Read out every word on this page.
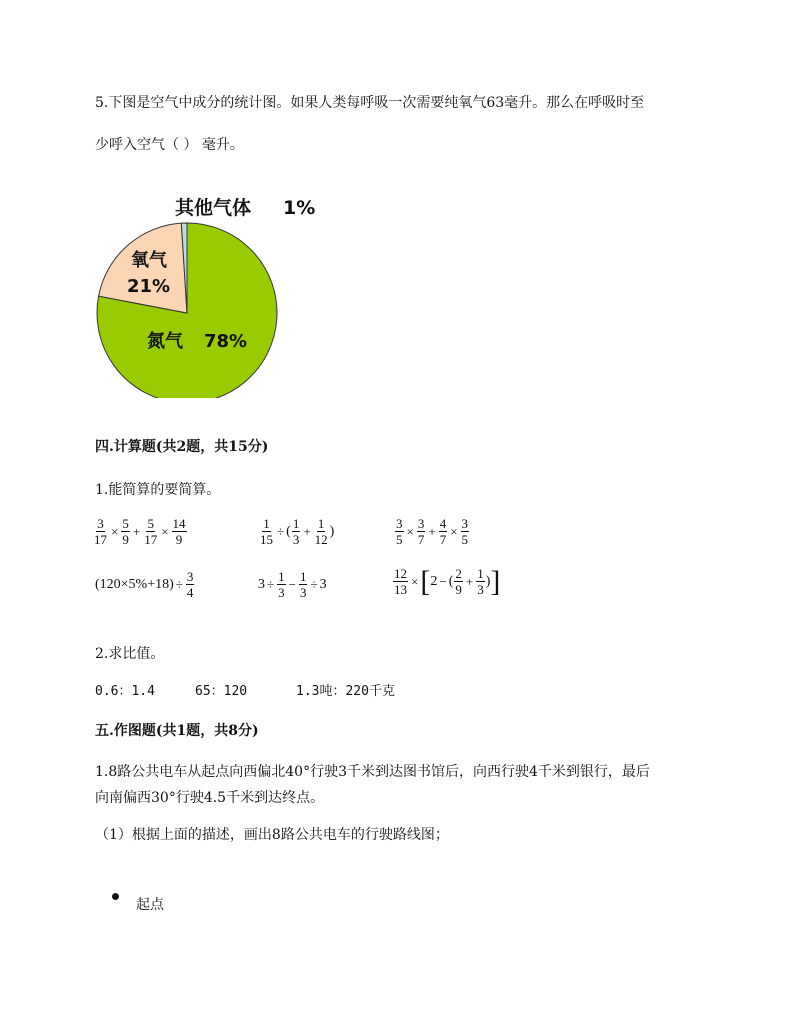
5.下图是空气中成分的统计图。如果人类每呼吸一次需要纯氧气63毫升。那么在呼吸时至
少呼入空气（ ） 毫升。
其他气体 1%
氧气
21%
氮气 78%
四.计算题(共2题，共15分)
1.能简算的要简算。
$\frac{3}{17} \times \frac{5}{9} + \frac{5}{17} \times \frac{14}{9}$	$\frac{1}{15}$ ÷ ( $\frac{1}{3} + \frac{1}{12}$ )	$\frac{3}{5} \times \frac{3}{7} + \frac{4}{7} \times \frac{3}{5}$
$(120\times 5\%+18) \div \frac{3}{4}$	$3 \div \frac{1}{3} - \frac{1}{3} \div 3$	$\frac{12}{13}$ × [ 2 − ( $\frac{2}{9} + \frac{1}{3}$ ) ]
2.求比值。
0.6：1.4	65：120	1.3吨：220千克
五.作图题(共1题，共8分)
1.8路公共电车从起点向西偏北40°行驶3千米到达图书馆后，向西行驶4千米到银行，最后
向南偏西30°行驶4.5千米到达终点。
（1）根据上面的描述，画出8路公共电车的行驶路线图；
起点
